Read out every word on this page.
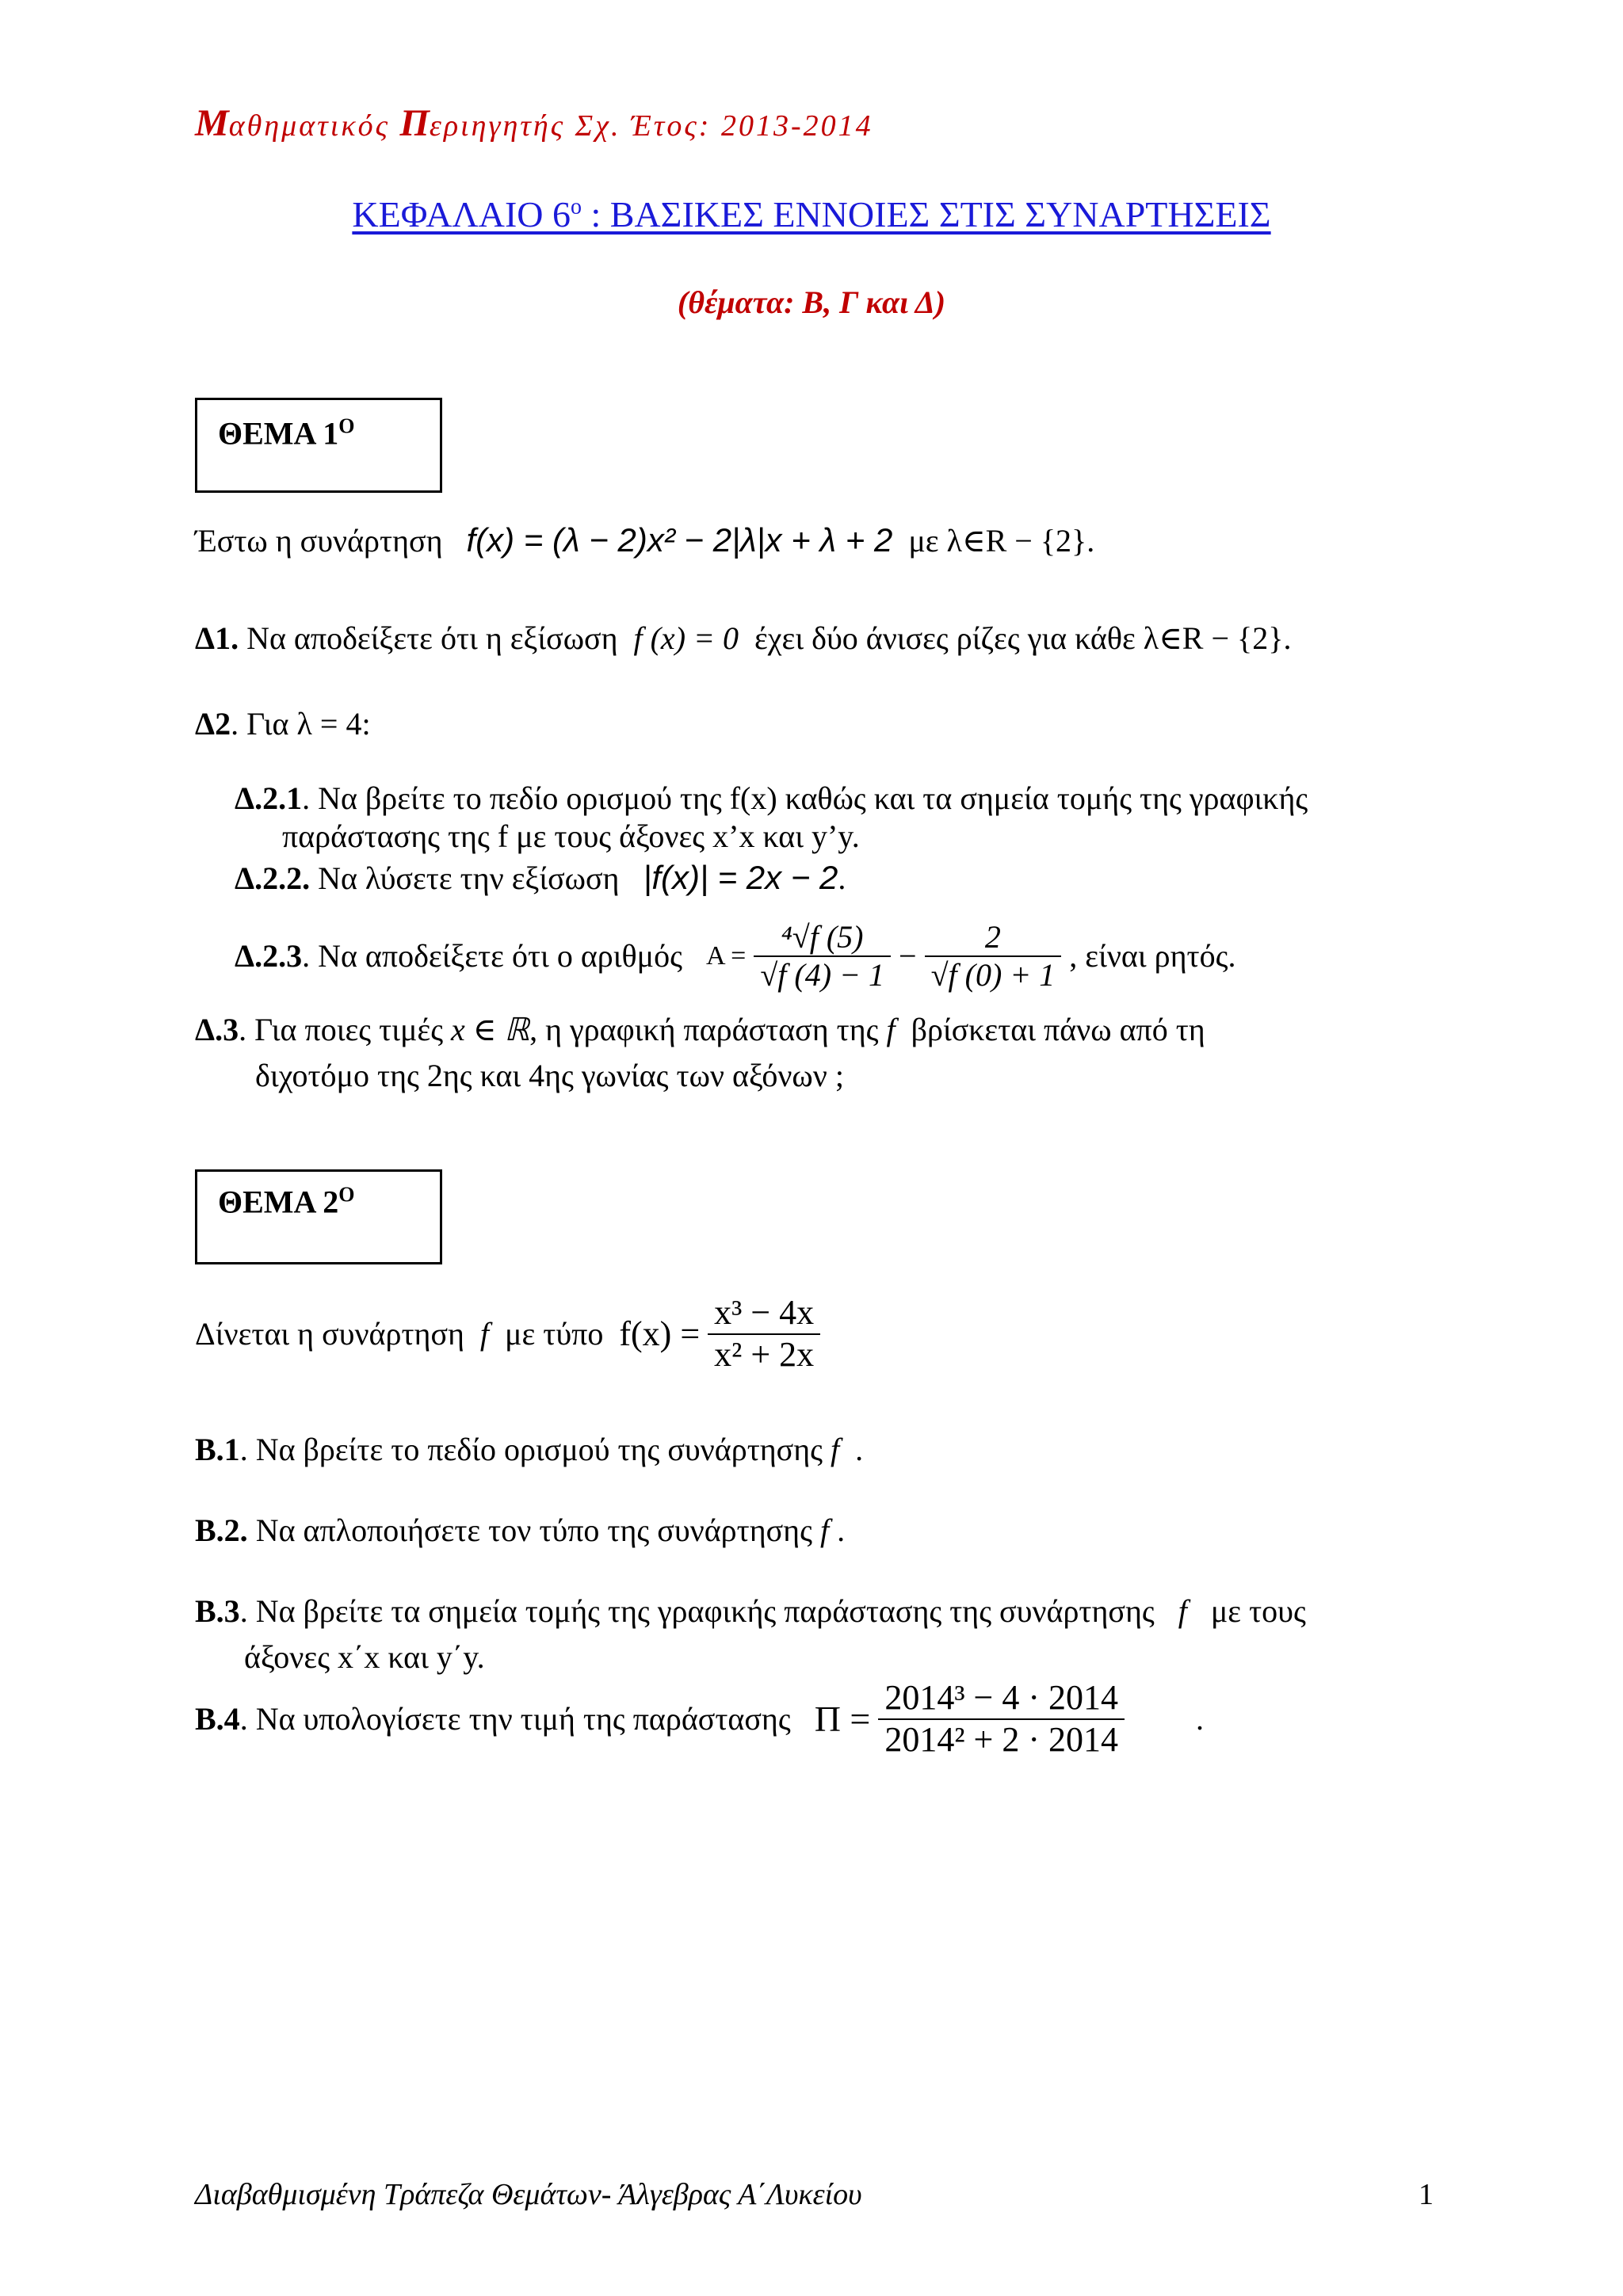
Μαθηματικός Περιηγητής Σχ. Έτος: 2013-2014
ΚΕΦΑΛΑΙΟ $6^o$ : ΒΑΣΙΚΕΣ ΕΝΝΟΙΕΣ ΣΤΙΣ ΣΥΝΑΡΤΗΣΕΙΣ
(θέματα: Β, Γ και Δ)
ΘΕΜΑ $1^O$
Έστω η συνάρτηση f(x) = (λ − 2)x² − 2|λ|x + λ + 2 με λ∈R − {2}.
Δ1. Να αποδείξετε ότι η εξίσωση f (x) = 0 έχει δύο άνισες ρίζες για κάθε λ∈R − {2}.
Δ2. Για λ = 4:
Δ.2.1. Να βρείτε το πεδίο ορισμού της f(x) καθώς και τα σημεία τομής της γραφικής
παράστασης της f με τους άξονες x’x και y’y.
Δ.2.2. Να λύσετε την εξίσωση |f(x)| = 2x − 2.
Δ.2.3. Να αποδείξετε ότι ο αριθμός $A = \frac{\text{⁴√f (5)}}{√f (4) - 1} - \frac{2}{√f (0) + 1}$ , είναι ρητός.
Δ.3. Για ποιες τιμές x ∈ ℝ, η γραφική παράσταση της f βρίσκεται πάνω από τη
διχοτόμο της 2ης και 4ης γωνίας των αξόνων ;
ΘΕΜΑ $2^O$
Δίνεται η συνάρτηση f με τύπο $f(x) = \frac{\text{x³ − 4x}}{\text{x² + 2x}}$
Β.1. Να βρείτε το πεδίο ορισμού της συνάρτησης f .
Β.2. Να απλοποιήσετε τον τύπο της συνάρτησης f .
Β.3. Να βρείτε τα σημεία τομής της γραφικής παράστασης της συνάρτησης f με τους
άξονες x΄x και y΄y.
Β.4. Να υπολογίσετε την τιμή της παράστασης $\Pi = \frac{\text{2014³ − 4 · 2014}}{\text{2014² + 2 · 2014}}$ .
Διαβαθμισμένη Τράπεζα Θεμάτων- Άλγεβρας Α΄Λυκείου	1
